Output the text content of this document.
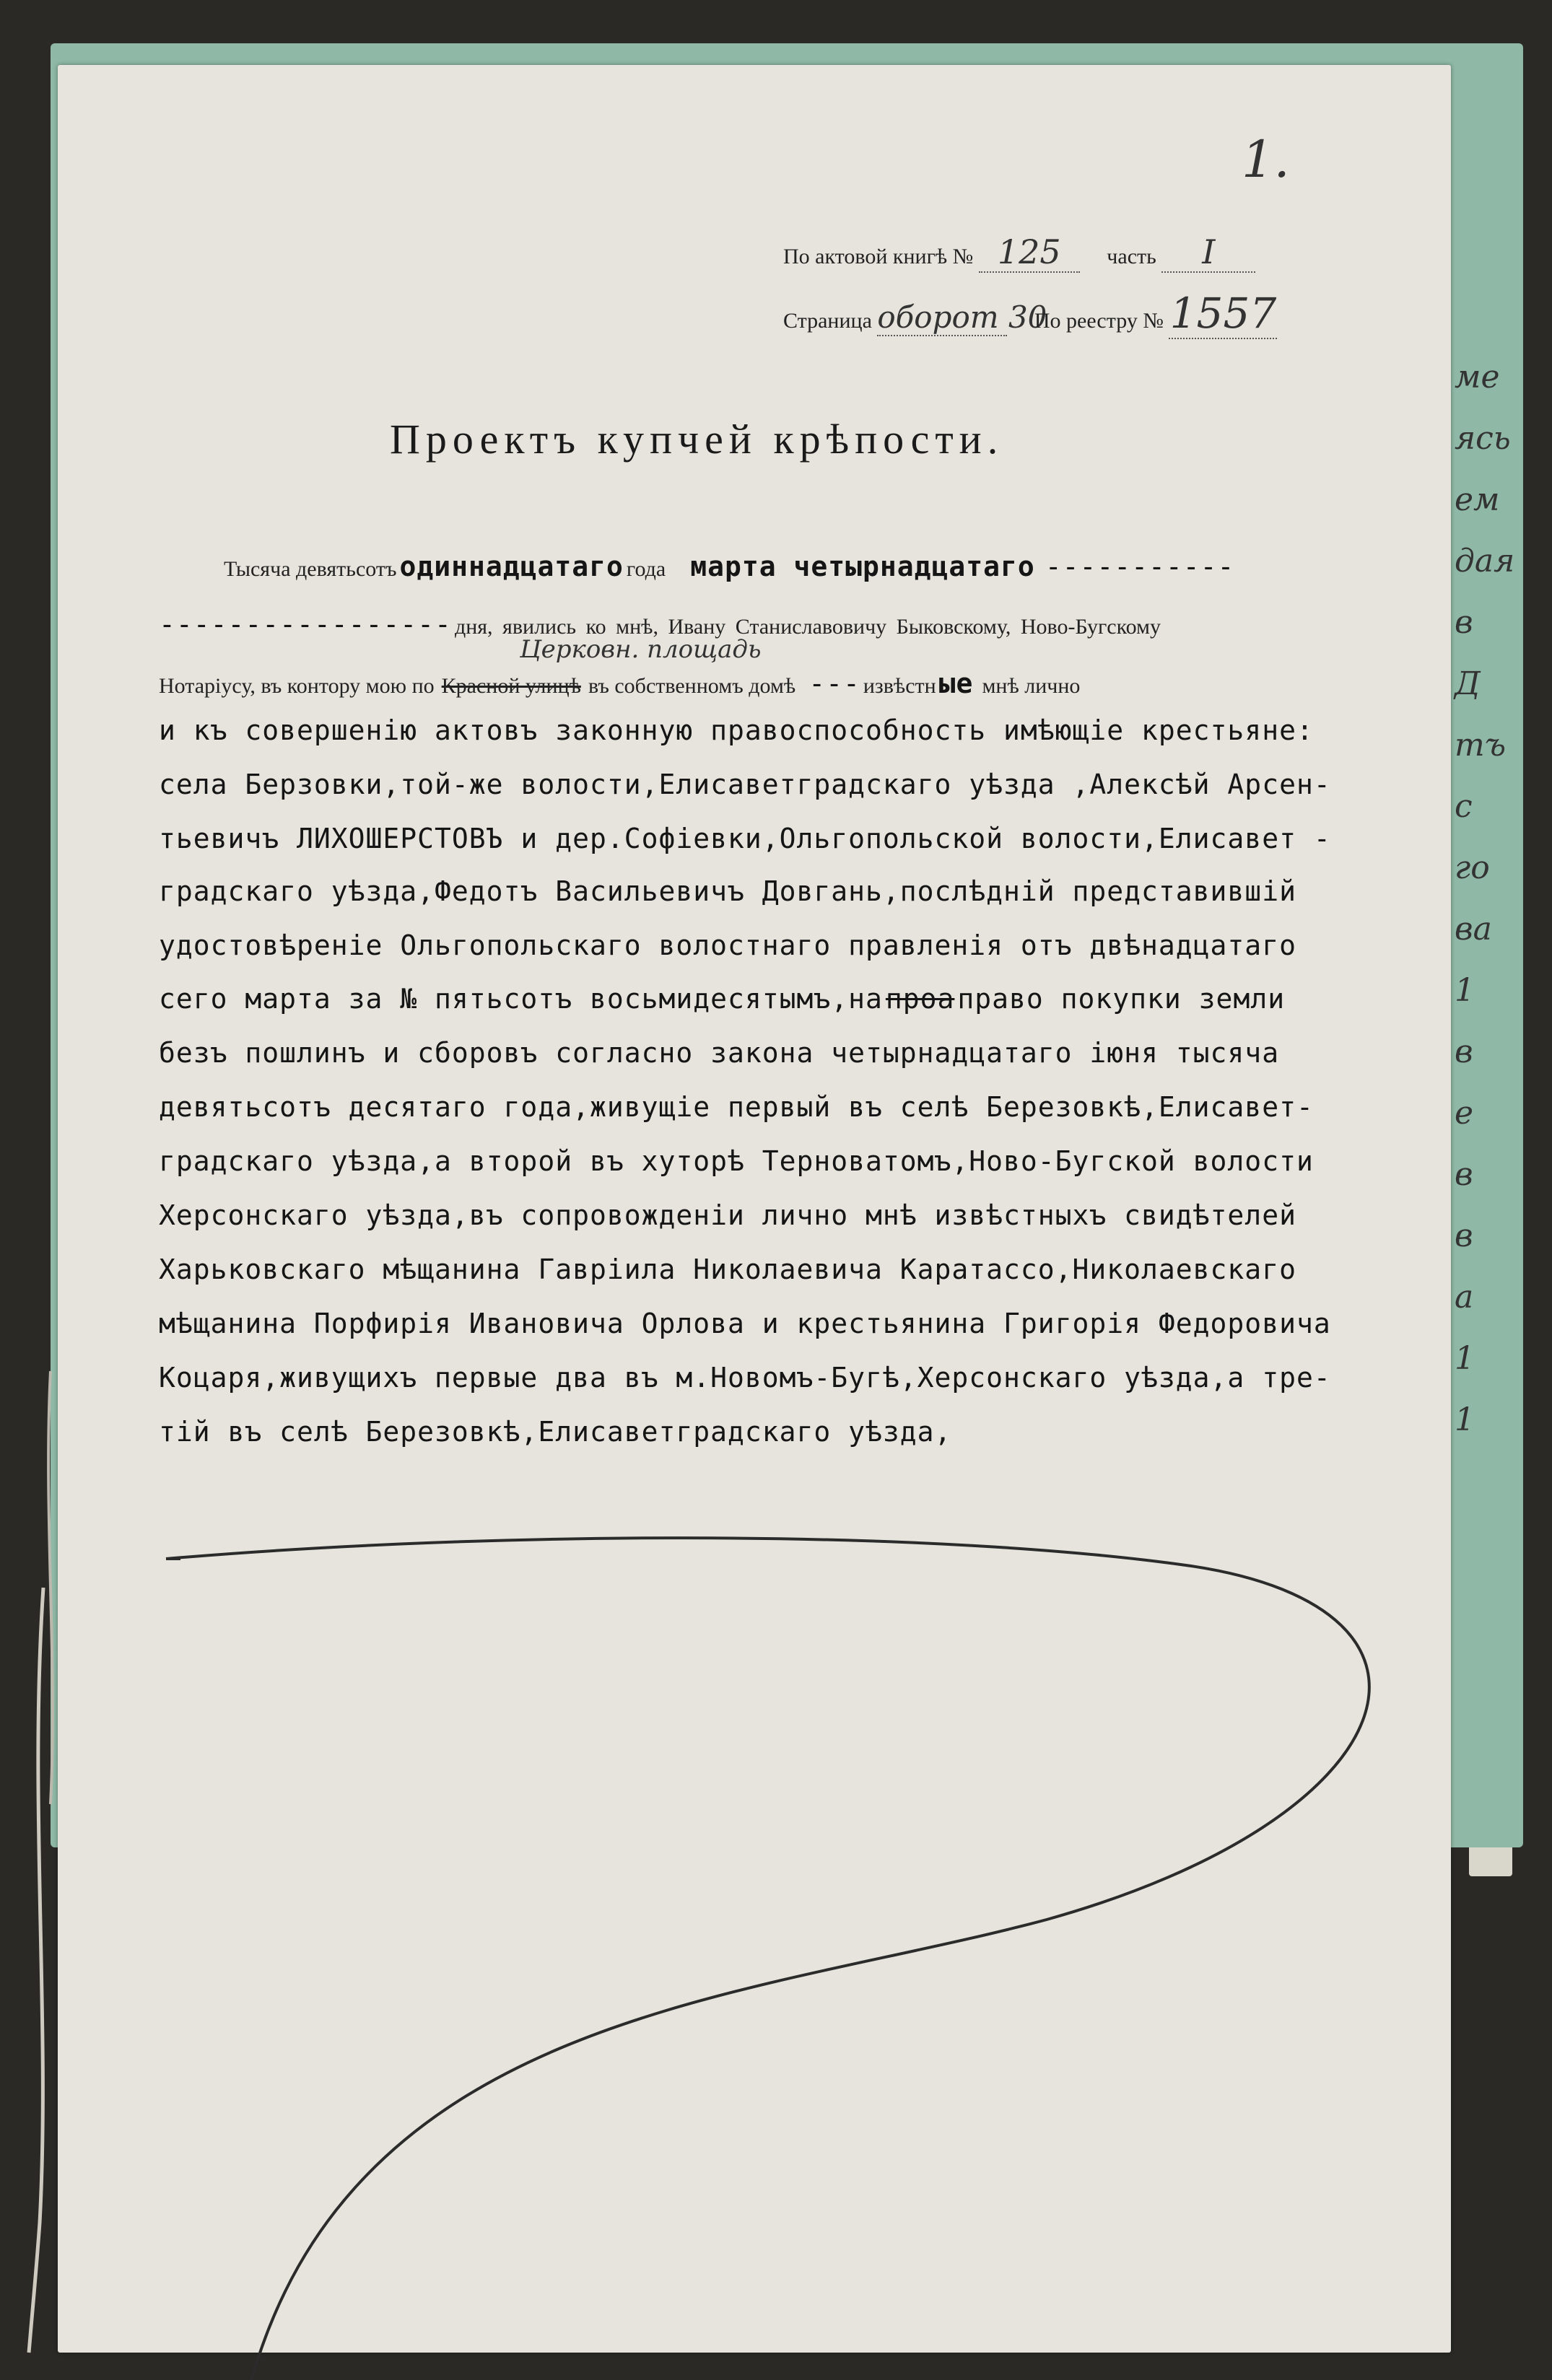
ме
ясь
ем
дая
в
Д
тъ
с
го
ва
1
в
е
в
в
а
1
1
1.
По актовой книгѣ № 125 часть I
Страница оборот 30 По реестру № 1557
Проектъ купчей крѣпости.
Тысяча девятьсотъ одиннадцатаго года марта четырнадцатаго -----------
----------------- дня, явились ко мнѣ, Ивану Станиславовичу Быковскому, Ново-Бугскому
Церковн. площадь
Нотаріусу, въ контору мою по Красной улицѣ въ собственномъ домѣ --- извѣстн ые мнѣ лично
и къ совершенію актовъ законную правоспособность имѣющіе крестьяне:
села Берзовки,той-же волости,Елисаветградскаго уѣзда ,Алексѣй Арсен-
тьевичъ ЛИХОШЕРСТОВЪ и дер.Софіевки,Ольгопольской волости,Елисавет -
градскаго уѣзда,Федотъ Васильевичъ Довгань,послѣдній представившій
удостовѣреніе Ольгопольскаго волостнаго правленія отъ двѣнадцатаго
сего марта за № пятьсотъ восьмидесятымъ,на проа право покупки земли
безъ пошлинъ и сборовъ согласно закона четырнадцатаго іюня тысяча
девятьсотъ десятаго года,живущіе первый въ селѣ Березовкѣ,Елисавет-
градскаго уѣзда,а второй въ хуторѣ Терноватомъ,Ново-Бугской волости
Херсонскаго уѣзда,въ сопровожденіи лично мнѣ извѣстныхъ свидѣтелей
Харьковскаго мѣщанина Гавріила Николаевича Каратассо,Николаевскаго
мѣщанина Порфирія Ивановича Орлова и крестьянина Григорія Федоровича
Коцаря,живущихъ первые два въ м.Новомъ-Бугѣ,Херсонскаго уѣзда,а тре-
тій въ селѣ Березовкѣ,Елисаветградскаго уѣзда,
